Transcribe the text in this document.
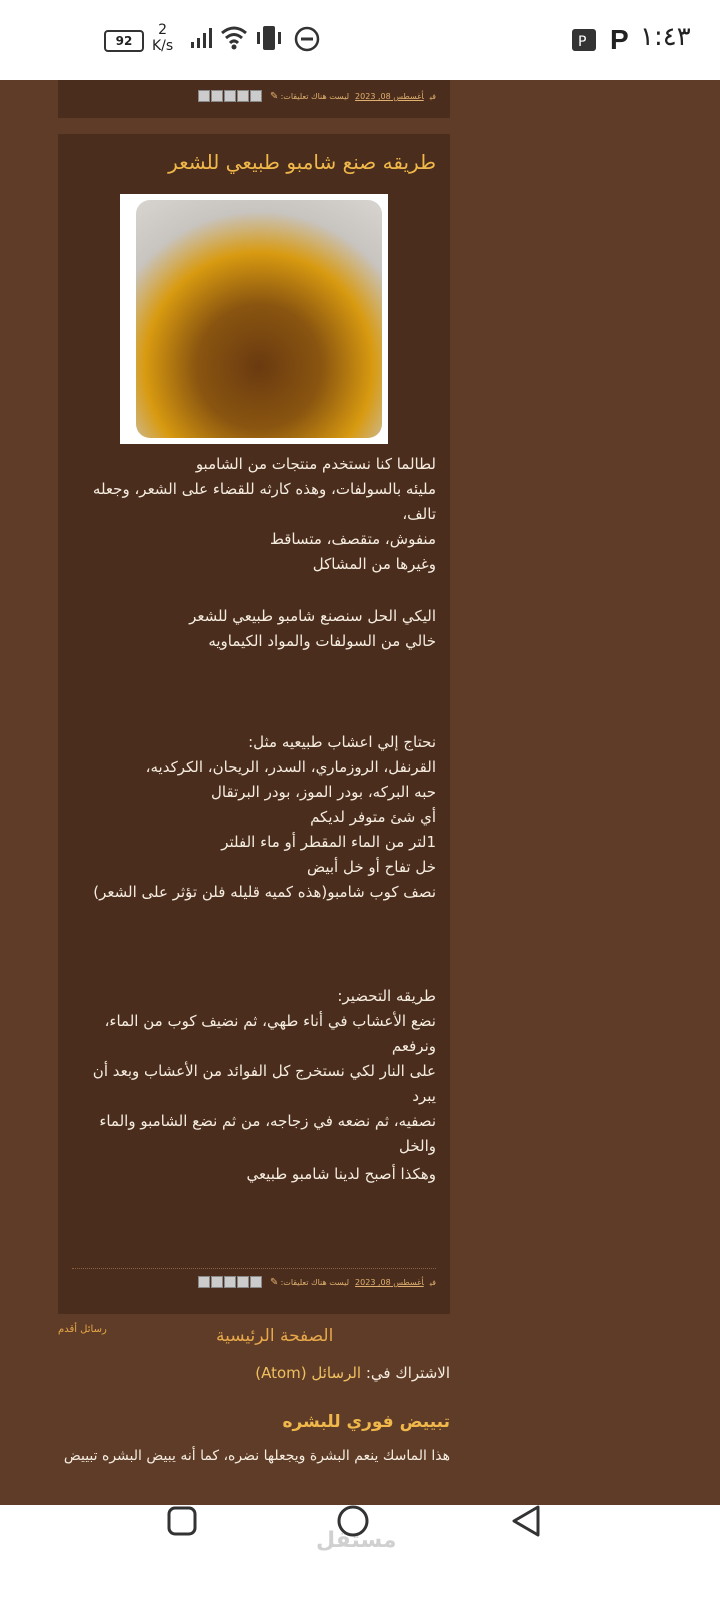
92
2
K/s	P P ١:٤٣
فيأغسطس 08, 2023ليست هناك تعليقات:
✎
طريقه صنع شامبو طبيعي للشعر
لطالما كنا نستخدم منتجات من الشامبو
مليئه بالسولفات، وهذه كارثه للقضاء على الشعر، وجعله تالف،
منفوش، متقصف، متساقط
وغيرها من المشاكل
اليكي الحل سنصنع شامبو طبيعي للشعر
خالي من السولفات والمواد الكيماويه
نحتاج إلي اعشاب طبيعيه مثل:
القرنفل، الروزماري، السدر، الريحان، الكركديه،
حبه البركه، بودر الموز، بودر البرتقال
أي شئ متوفر لديكم
1لتر من الماء المقطر أو ماء الفلتر
خل تفاح أو خل أبيض
نصف كوب شامبو(هذه كميه قليله فلن تؤثر على الشعر)
طريقه التحضير:
نضع الأعشاب في أناء طهي، ثم نضيف كوب من الماء، ونرفعم
على النار لكي نستخرج كل الفوائد من الأعشاب وبعد أن يبرد
نصفيه، ثم نضعه في زجاجه، من ثم نضع الشامبو والماء
والخل
وهكذا أصبح لدينا شامبو طبيعي
فيأغسطس 08, 2023ليست هناك تعليقات:
✎
رسائل أقدم	الصفحة الرئيسية
الاشتراك في: الرسائل (Atom)
تبييض فوري للبشره
هذا الماسك ينعم البشرة ويجعلها نضره، كما أنه يبيض البشره تبييض
مستقل
